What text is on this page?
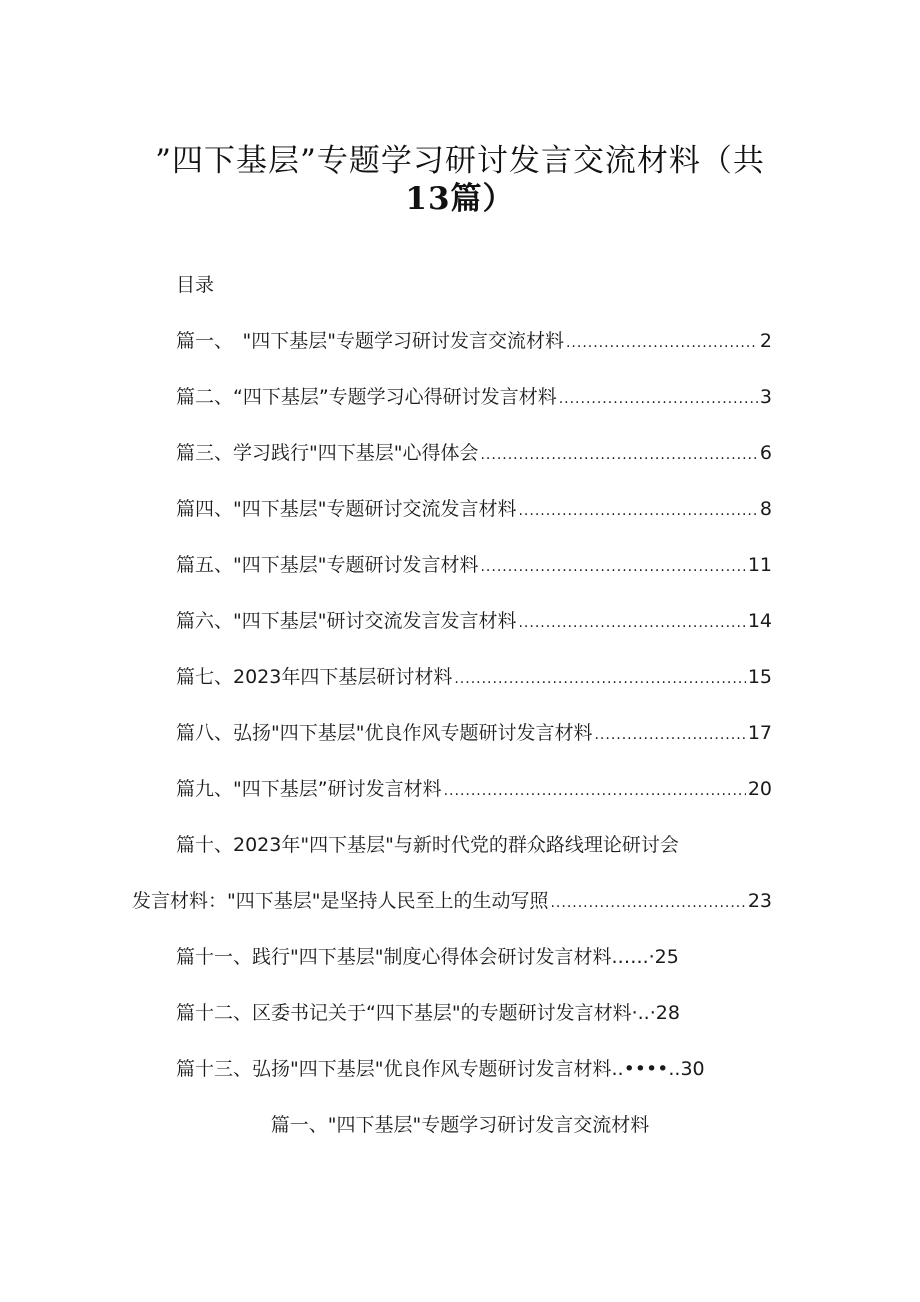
”四下基层”专题学习研讨发言交流材料（共
13篇）
目录
篇一、　"四下基层"专题学习研讨发言交流材料 .....	2
篇二、“四下基层”专题学习心得研讨发言材料 .....	3
篇三、学习践行"四下基层"心得体会 .....	6
篇四、"四下基层"专题研讨交流发言材料 .....	8
篇五、"四下基层"专题研讨发言材料 .....	11
篇六、"四下基层"研讨交流发言发言材料 .....	14
篇七、2023年四下基层研讨材料 .....	15
篇八、弘扬"四下基层"优良作风专题研讨发言材料 .....	17
篇九、"四下基层”研讨发言材料 .....	20
篇十、2023年"四下基层"与新时代党的群众路线理论研讨会
发言材料："四下基层"是坚持人民至上的生动写照 .....	23
篇十一、践行"四下基层"制度心得体会研讨发言材料 .…..·25
篇十二、区委书记关于“四下基层"的专题研讨发言材料 ·..·28
篇十三、弘扬"四下基层"优良作风专题研讨发言材料 ..••••..30
篇一、"四下基层"专题学习研讨发言交流材料
